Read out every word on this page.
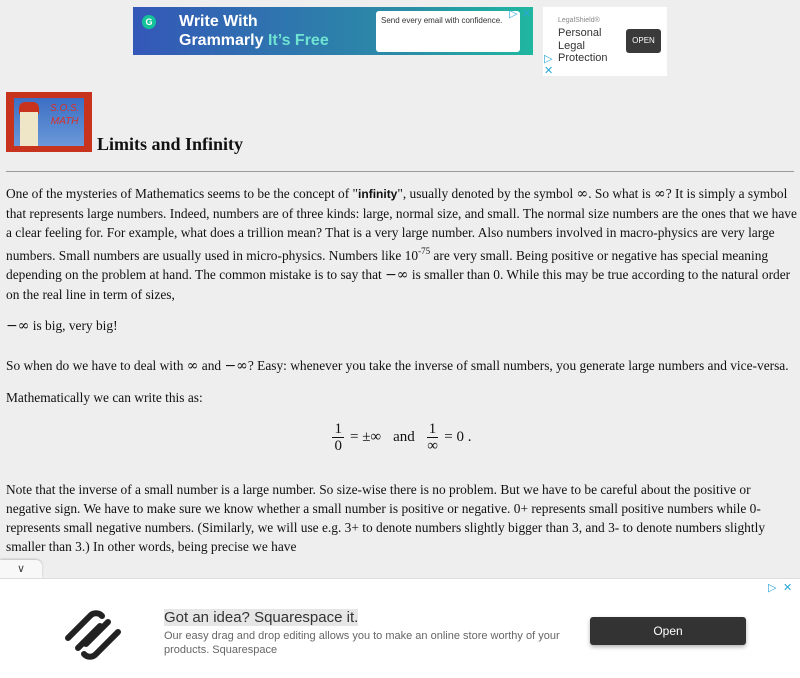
G Write With
Grammarly It’s Free
Send every email with confidence.
▷ ✕
LegalShield®
Personal
Legal
Protection
OPEN
▷
✕
S.O.S.
MATH
Limits and Infinity

One of the mysteries of Mathematics seems to be the concept of "infinity", usually denoted by the symbol ∞. So what is ∞? It is simply a symbol that represents large numbers. Indeed, numbers are of three kinds: large, normal size, and small. The normal size numbers are the ones that we have a clear feeling for. For example, what does a trillion mean? That is a very large number. Also numbers involved in macro-physics are very large numbers. Small numbers are usually used in micro-physics. Numbers like $10^{-75}$ are very small. Being positive or negative has special meaning depending on the problem at hand. The common mistake is to say that −∞ is smaller than 0. While this may be true according to the natural order on the real line in term of sizes,

−∞ is big, very big!

So when do we have to deal with ∞ and −∞? Easy: whenever you take the inverse of small numbers, you generate large numbers and vice-versa.

Mathematically we can write this as:

$\frac{1}{0}$ = ±∞ and $\frac{1}{\infty} = 0$ .

Note that the inverse of a small number is a large number. So size-wise there is no problem. But we have to be careful about the positive or negative sign. We have to make sure we know whether a small number is positive or negative. 0+ represents small positive numbers while 0- represents small negative numbers. (Similarly, we will use e.g. 3+ to denote numbers slightly bigger than 3, and 3- to denote numbers slightly smaller than 3.) In other words, being precise we have

∨
Got an idea? Squarespace it.
Our easy drag and drop editing allows you to make an online store worthy of your products. Squarespace
Open
▷ ✕
